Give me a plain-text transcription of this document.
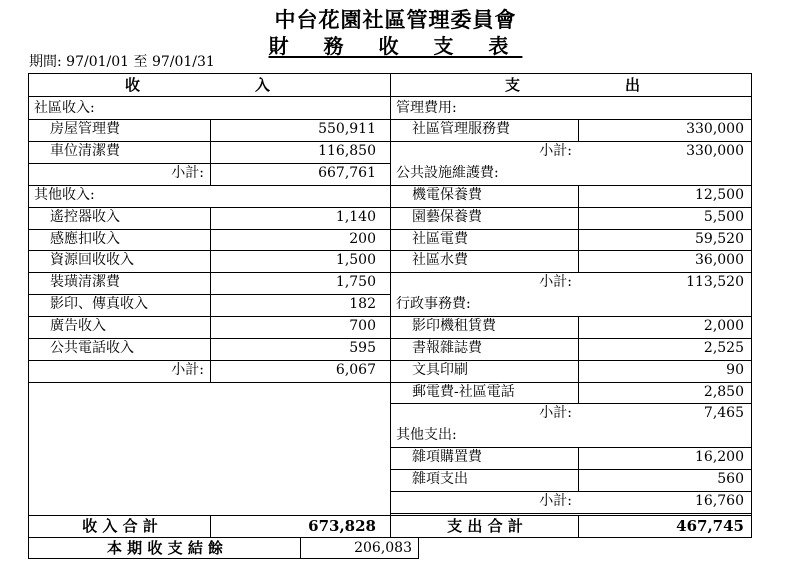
中台花園社區管理委員會
財 務 收 支 表
期間: 97/01/01 至 97/01/31
收	入	支	出
社區收入:
房屋管理費	550,911
車位清潔費	116,850
小計:	667,761
其他收入:
遙控器收入	1,140
感應扣收入	200
資源回收收入	1,500
裝璜清潔費	1,750
影印、傳真收入	182
廣告收入	700
公共電話收入	595
小計:	6,067
管理費用:
社區管理服務費	330,000
小計:	330,000
公共設施維護費:
機電保養費	12,500
園藝保養費	5,500
社區電費	59,520
社區水費	36,000
小計:	113,520
行政事務費:
影印機租賃費	2,000
書報雜誌費	2,525
文具印刷	90
郵電費-社區電話	2,850
小計:	7,465
其他支出:
雜項購置費	16,200
雜項支出	560
小計:	16,760
收 入 合 計	673,828	支 出 合 計	467,745
本 期 收 支 結 餘	206,083
